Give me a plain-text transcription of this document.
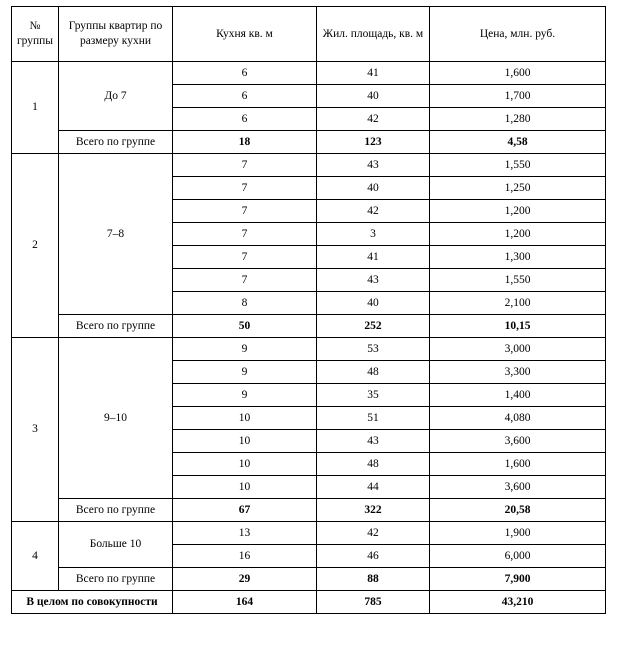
№ группы	Группы квартир по размеру кухни	Кухня кв. м	Жил. площадь, кв. м	Цена, млн. руб.
1	До 7	6	41	1,600
		6	40	1,700
		6	42	1,280
	Всего по группе	18	123	4,58
2	7–8	7	43	1,550
		7	40	1,250
		7	42	1,200
		7	3	1,200
		7	41	1,300
		7	43	1,550
		8	40	2,100
	Всего по группе	50	252	10,15
3	9–10	9	53	3,000
		9	48	3,300
		9	35	1,400
		10	51	4,080
		10	43	3,600
		10	48	1,600
		10	44	3,600
	Всего по группе	67	322	20,58
4	Больше 10	13	42	1,900
		16	46	6,000
	Всего по группе	29	88	7,900
В целом по совокупности		164	785	43,210
